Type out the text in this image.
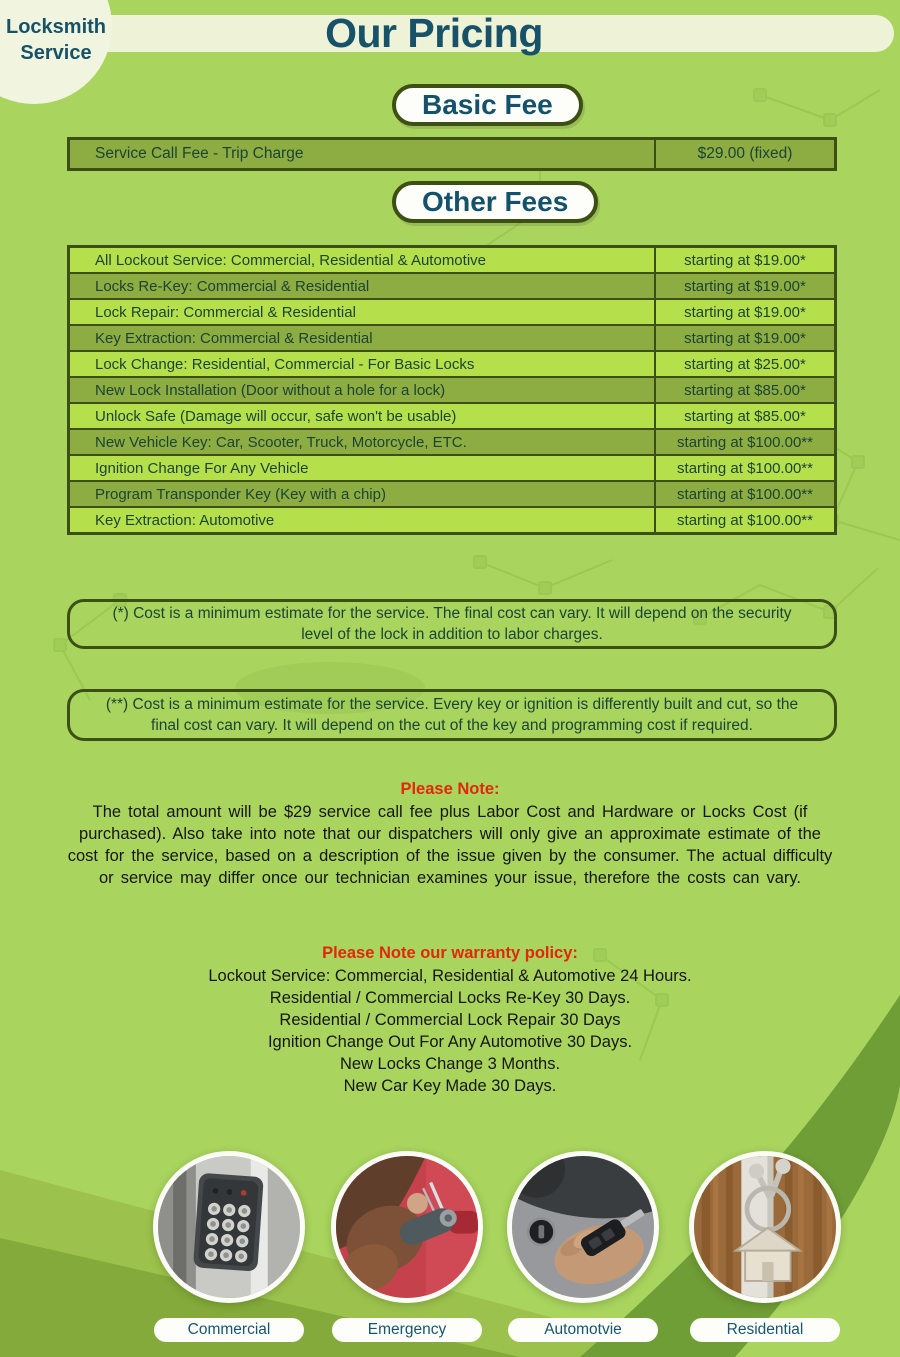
Our Pricing
Locksmith
Service
Basic Fee
Service Call Fee - Trip Charge	$29.00 (fixed)
Other Fees
All Lockout Service: Commercial, Residential & Automotive	starting at $19.00*
Locks Re-Key: Commercial & Residential	starting at $19.00*
Lock Repair: Commercial & Residential	starting at $19.00*
Key Extraction: Commercial & Residential	starting at $19.00*
Lock Change: Residential, Commercial - For Basic Locks	starting at $25.00*
New Lock Installation (Door without a hole for a lock)	starting at $85.00*
Unlock Safe (Damage will occur, safe won't be usable)	starting at $85.00*
New Vehicle Key: Car, Scooter, Truck, Motorcycle, ETC.	starting at $100.00**
Ignition Change For Any Vehicle	starting at $100.00**
Program Transponder Key (Key with a chip)	starting at $100.00**
Key Extraction: Automotive	starting at $100.00**
(*) Cost is a minimum estimate for the service. The final cost can vary. It will depend on the security level of the lock in addition to labor charges.
(**) Cost is a minimum estimate for the service. Every key or ignition is differently built and cut, so the final cost can vary. It will depend on the cut of the key and programming cost if required.
Please Note:

The total amount will be $29 service call fee plus Labor Cost and Hardware or Locks Cost (if purchased). Also take into note that our dispatchers will only give an approximate estimate of the cost for the service, based on a description of the issue given by the consumer. The actual difficulty or service may differ once our technician examines your issue, therefore the costs can vary.

Please Note our warranty policy:
Lockout Service: Commercial, Residential & Automotive 24 Hours.
Residential / Commercial Locks Re-Key 30 Days.
Residential / Commercial Lock Repair 30 Days
Ignition Change Out For Any Automotive 30 Days.
New Locks Change 3 Months.
New Car Key Made 30 Days.
Commercial	Emergency	Automotvie	Residential
